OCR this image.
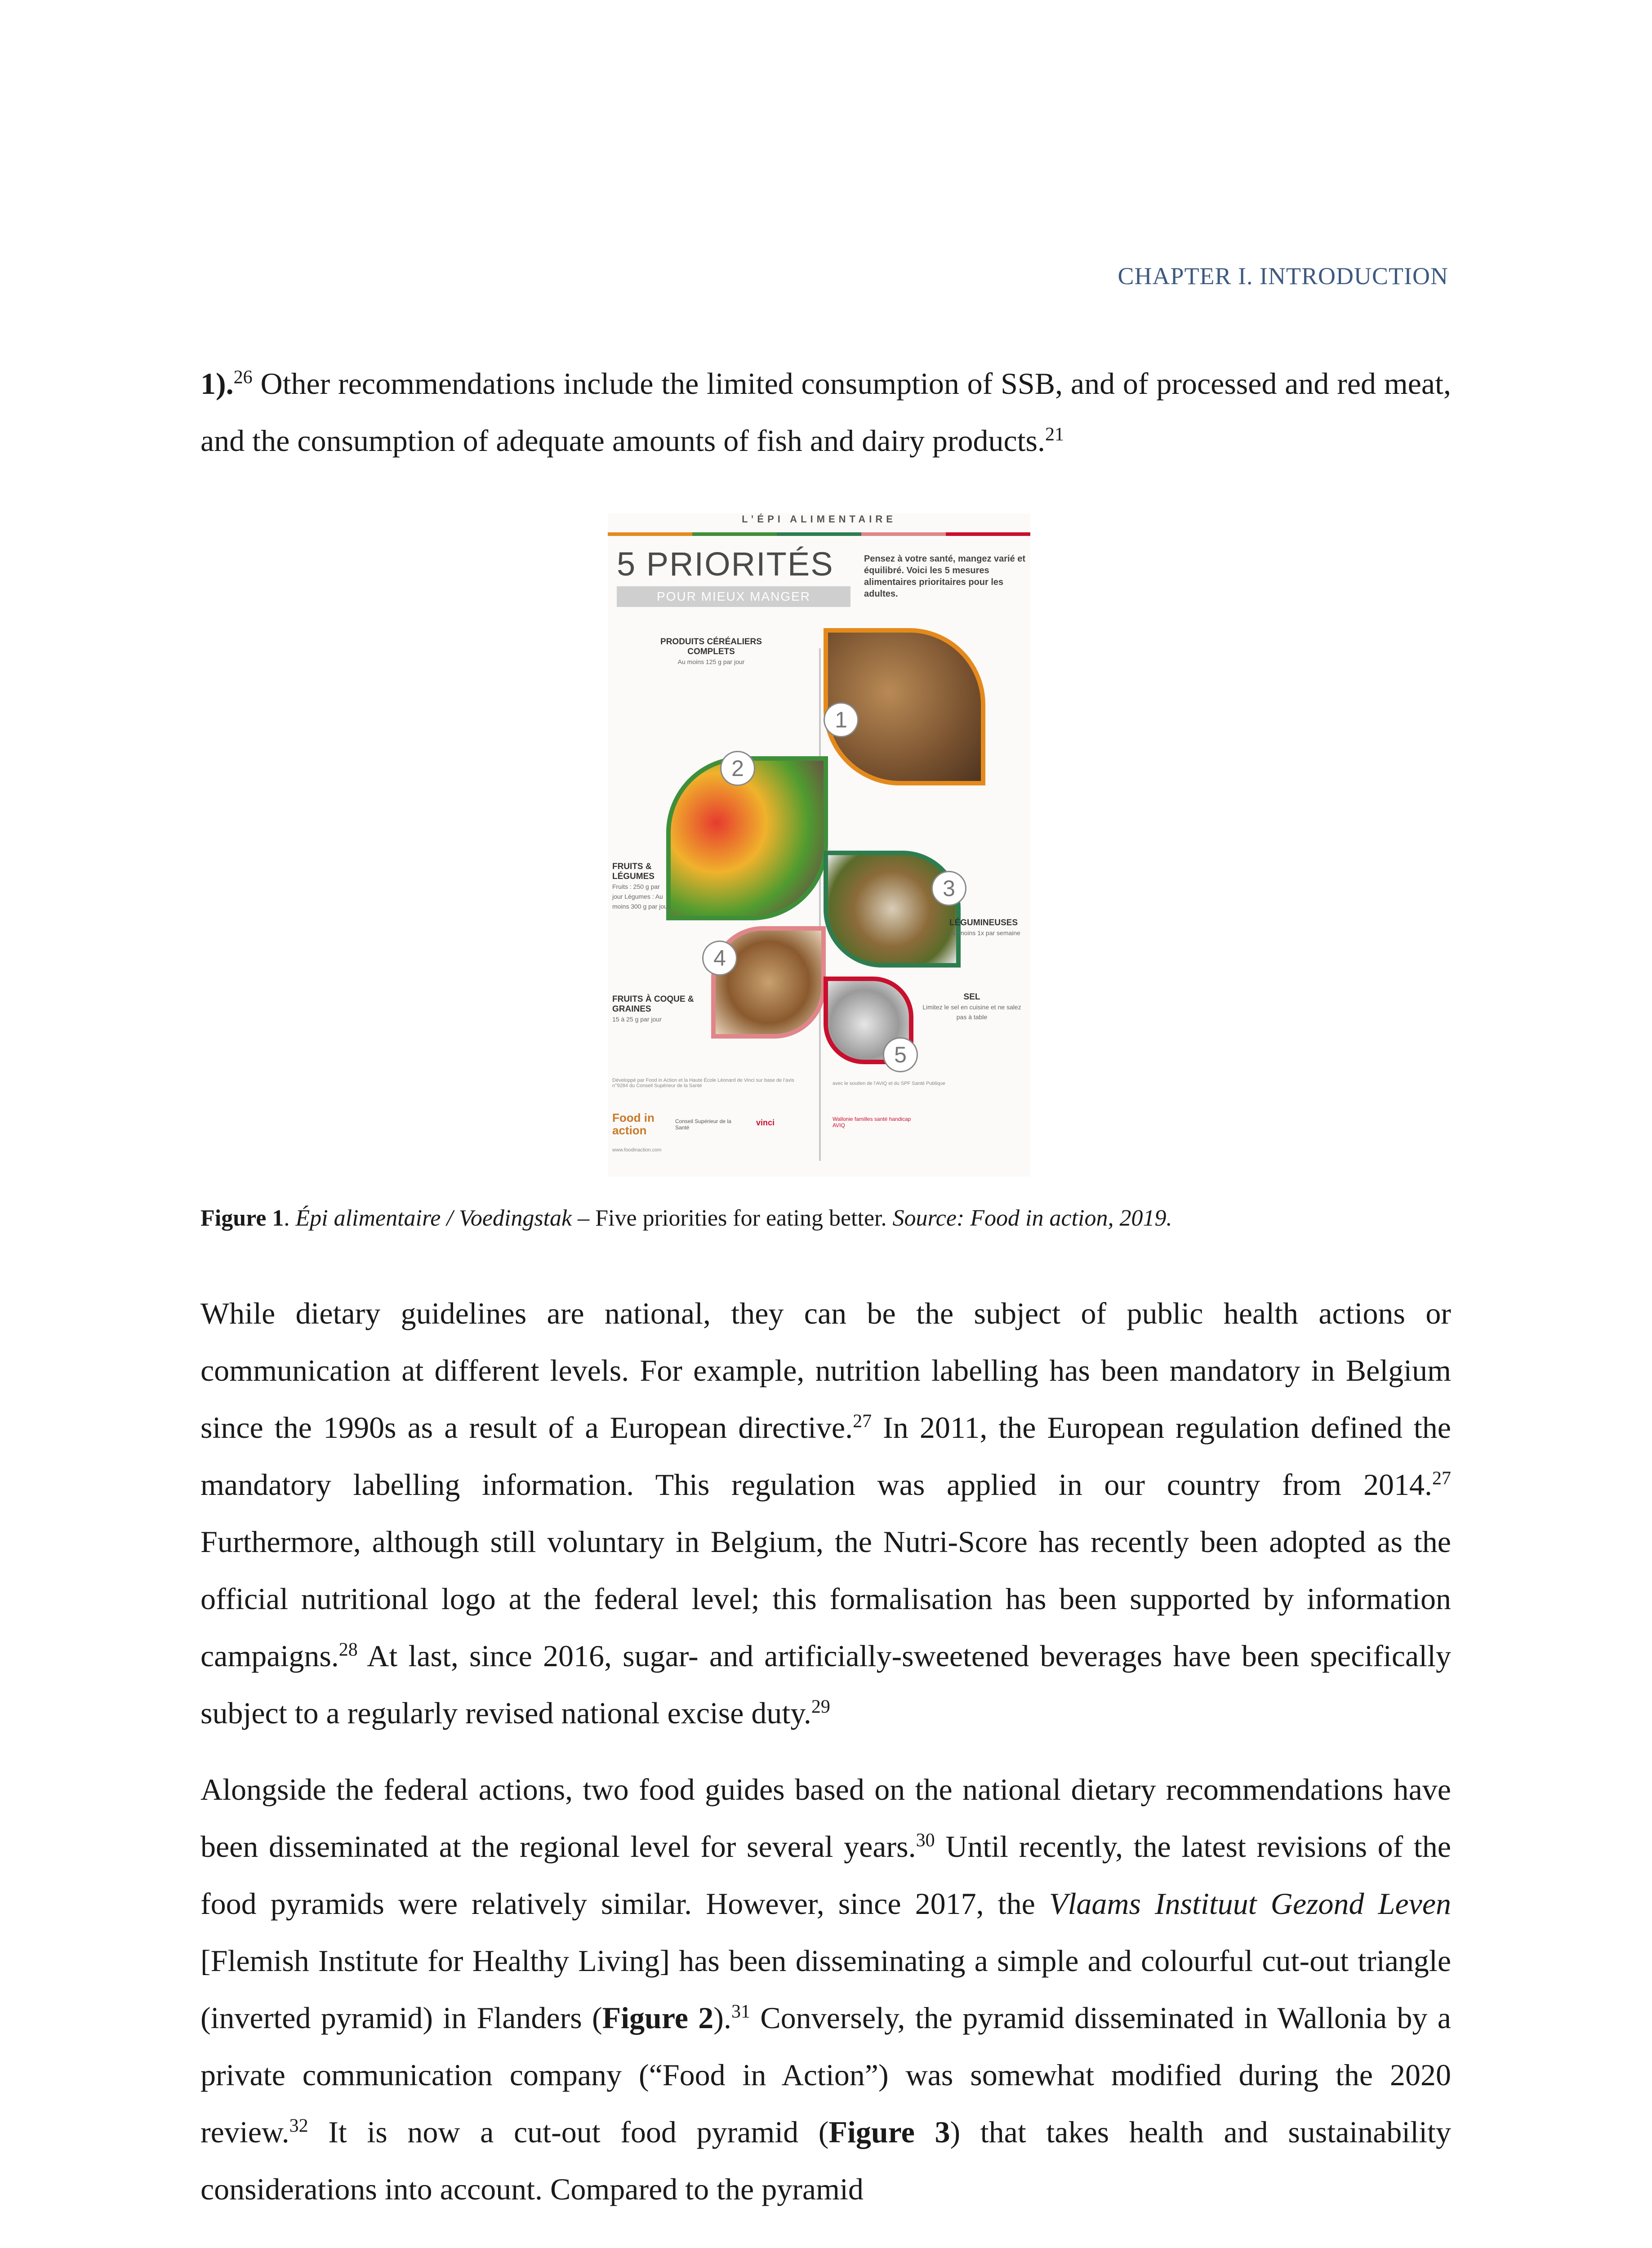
CHAPTER I. INTRODUCTION

1).$^{26}$ Other recommendations include the limited consumption of SSB, and of processed and red meat, and the consumption of adequate amounts of fish and dairy products.$^{21}$

L’ÉPI ALIMENTAIRE
5 PRIORITÉS
POUR MIEUX MANGER
Pensez à votre santé, mangez varié et équilibré. Voici les 5 mesures alimentaires prioritaires pour les adultes.
1
PRODUITS CÉRÉALIERS COMPLETS
Au moins 125 g par jour
2
FRUITS & LÉGUMES
Fruits : 250 g par jour Légumes : Au moins 300 g par jour
3
LÉGUMINEUSES
Au moins 1x par semaine
4
FRUITS À COQUE & GRAINES
15 à 25 g par jour
5
SEL
Limitez le sel en cuisine et ne salez pas à table
Développé par Food in Action et la Haute École Léonard de Vinci sur base de l’avis n°9284 du Conseil Supérieur de la Santé	avec le soutien de l’AViQ et du SPF Santé Publique
Food in action
Conseil Supérieur de la Santé
vinci	Wallonie familles santé handicap AVIQ
www.foodinaction.com
Figure 1. Épi alimentaire / Voedingstak – Five priorities for eating better. Source: Food in action, 2019.

While dietary guidelines are national, they can be the subject of public health actions or communication at different levels. For example, nutrition labelling has been mandatory in Belgium since the 1990s as a result of a European directive.$^{27}$ In 2011, the European regulation defined the mandatory labelling information. This regulation was applied in our country from 2014.27 Furthermore, although still voluntary in Belgium, the Nutri-Score has recently been adopted as the official nutritional logo at the federal level; this formalisation has been supported by information campaigns.$^{28}$ At last, since 2016, sugar- and artificially-sweetened beverages have been specifically subject to a regularly revised national excise duty.$^{29}$

Alongside the federal actions, two food guides based on the national dietary recommendations have been disseminated at the regional level for several years.$^{30}$ Until recently, the latest revisions of the food pyramids were relatively similar. However, since 2017, the Vlaams Instituut Gezond Leven [Flemish Institute for Healthy Living] has been disseminating a simple and colourful cut-out triangle (inverted pyramid) in Flanders (Figure 2).$^{31}$ Conversely, the pyramid disseminated in Wallonia by a private communication company (“Food in Action”) was somewhat modified during the 2020 review.$^{32}$ It is now a cut-out food pyramid (Figure 3) that takes health and sustainability considerations into account. Compared to the pyramid
